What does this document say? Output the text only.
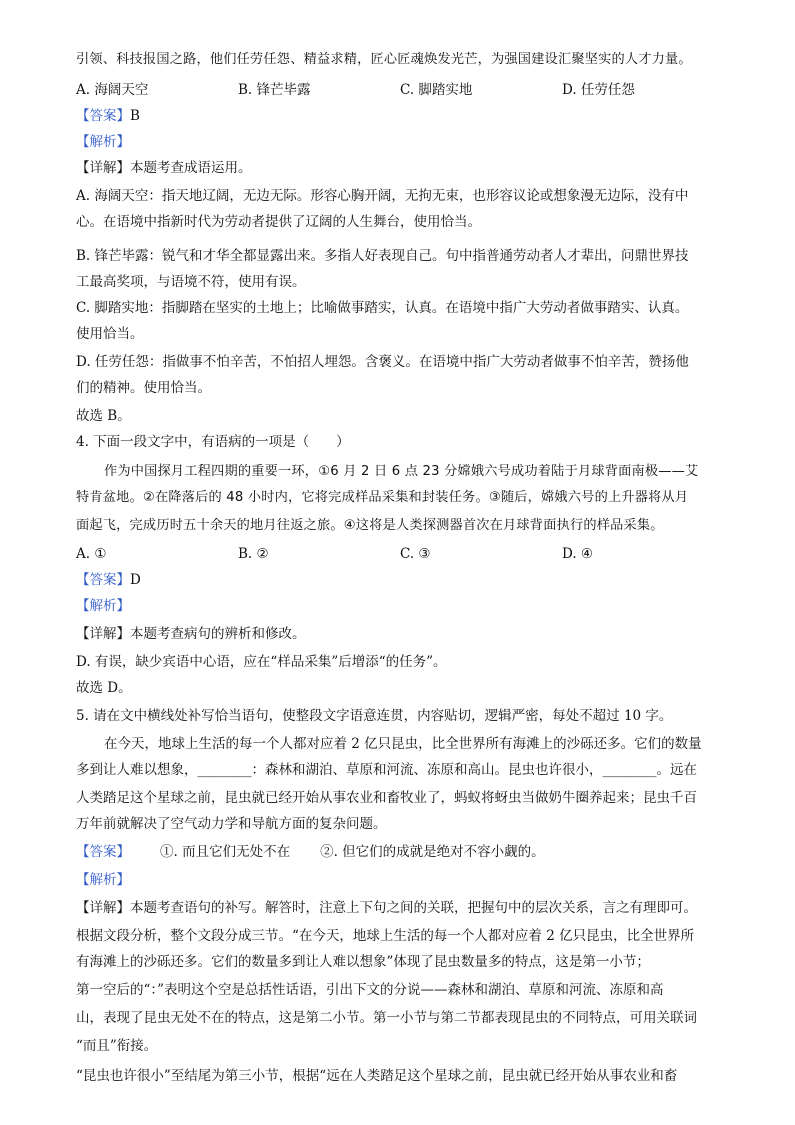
引领、科技报国之路，他们任劳任怨、精益求精，匠心匠魂焕发光芒，为强国建设汇聚坚实的人才力量。
A. 海阔天空	B. 锋芒毕露	C. 脚踏实地	D. 任劳任怨
【答案】B
【解析】
【详解】本题考查成语运用。
A. 海阔天空：指天地辽阔，无边无际。形容心胸开阔，无拘无束，也形容议论或想象漫无边际，没有中
心。在语境中指新时代为劳动者提供了辽阔的人生舞台，使用恰当。
B. 锋芒毕露：锐气和才华全都显露出来。多指人好表现自己。句中指普通劳动者人才辈出，问鼎世界技
工最高奖项，与语境不符，使用有误。
C. 脚踏实地：指脚踏在坚实的土地上；比喻做事踏实，认真。在语境中指广大劳动者做事踏实、认真。
使用恰当。
D. 任劳任怨：指做事不怕辛苦，不怕招人埋怨。含褒义。在语境中指广大劳动者做事不怕辛苦，赞扬他
们的精神。使用恰当。
故选 B。
4. 下面一段文字中，有语病的一项是（　　）
作为中国探月工程四期的重要一环，①6 月 2 日 6 点 23 分嫦娥六号成功着陆于月球背面南极——艾
特肯盆地。②在降落后的 48 小时内，它将完成样品采集和封装任务。③随后，嫦娥六号的上升器将从月
面起飞，完成历时五十余天的地月往返之旅。④这将是人类探测器首次在月球背面执行的样品采集。
A. ①	B. ②	C. ③	D. ④
【答案】D
【解析】
【详解】本题考查病句的辨析和修改。
D. 有误，缺少宾语中心语，应在“样品采集”后增添“的任务”。
故选 D。
5. 请在文中横线处补写恰当语句，使整段文字语意连贯，内容贴切，逻辑严密，每处不超过 10 字。
在今天，地球上生活的每一个人都对应着 2 亿只昆虫，比全世界所有海滩上的沙砾还多。它们的数量
多到让人难以想象，________：森林和湖泊、草原和河流、冻原和高山。昆虫也许很小，________。远在
人类踏足这个星球之前，昆虫就已经开始从事农业和畜牧业了，蚂蚁将蚜虫当做奶牛圈养起来；昆虫千百
万年前就解决了空气动力学和导航方面的复杂问题。
【答案】 ①. 而且它们无处不在 ②. 但它们的成就是绝对不容小觑的。
【解析】
【详解】本题考查语句的补写。解答时，注意上下句之间的关联，把握句中的层次关系，言之有理即可。
根据文段分析，整个文段分成三节。“在今天，地球上生活的每一个人都对应着 2 亿只昆虫，比全世界所
有海滩上的沙砾还多。它们的数量多到让人难以想象”体现了昆虫数量多的特点，这是第一小节；
第一空后的“：”表明这个空是总括性话语，引出下文的分说——森林和湖泊、草原和河流、冻原和高
山，表现了昆虫无处不在的特点，这是第二小节。第一小节与第二节都表现昆虫的不同特点，可用关联词
“而且”衔接。
“昆虫也许很小”至结尾为第三小节，根据“远在人类踏足这个星球之前，昆虫就已经开始从事农业和畜
